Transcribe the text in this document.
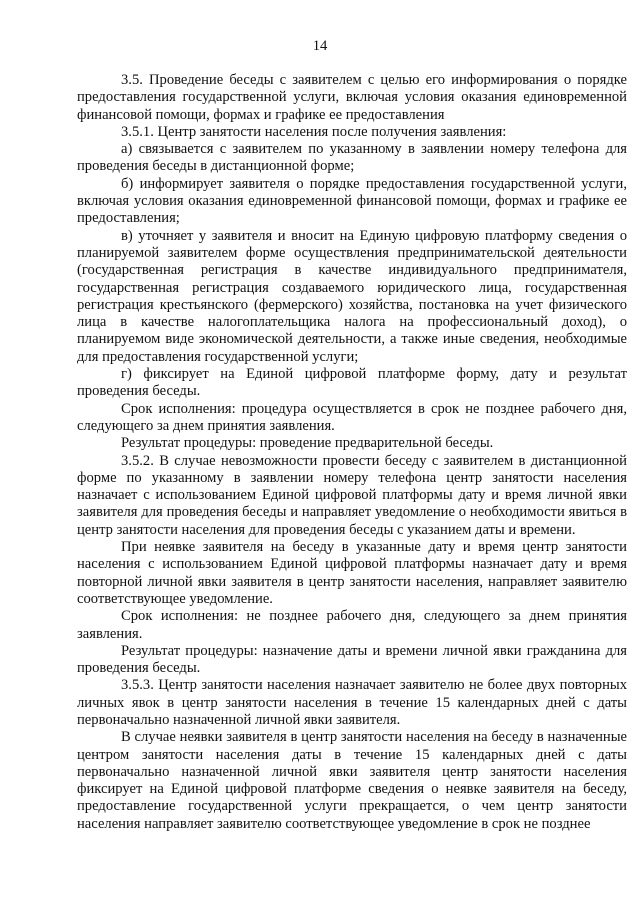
14

3.5. Проведение беседы с заявителем с целью его информирования о порядке предоставления государственной услуги, включая условия оказания единовременной финансовой помощи, формах и графике ее предоставления

3.5.1. Центр занятости населения после получения заявления:

а) связывается с заявителем по указанному в заявлении номеру телефона для проведения беседы в дистанционной форме;

б) информирует заявителя о порядке предоставления государственной услуги, включая условия оказания единовременной финансовой помощи, формах и графике ее предоставления;

в) уточняет у заявителя и вносит на Единую цифровую платформу сведения о планируемой заявителем форме осуществления предпринимательской деятельности (государственная регистрация в качестве индивидуального предпринимателя, государственная регистрация создаваемого юридического лица, государственная регистрация крестьянского (фермерского) хозяйства, постановка на учет физического лица в качестве налогоплательщика налога на профессиональный доход), о планируемом виде экономической деятельности, а также иные сведения, необходимые для предоставления государственной услуги;

г) фиксирует на Единой цифровой платформе форму, дату и результат проведения беседы.

Срок исполнения: процедура осуществляется в срок не позднее рабочего дня, следующего за днем принятия заявления.

Результат процедуры: проведение предварительной беседы.

3.5.2. В случае невозможности провести беседу с заявителем в дистанционной форме по указанному в заявлении номеру телефона центр занятости населения назначает с использованием Единой цифровой платформы дату и время личной явки заявителя для проведения беседы и направляет уведомление о необходимости явиться в центр занятости населения для проведения беседы с указанием даты и времени.

При неявке заявителя на беседу в указанные дату и время центр занятости населения с использованием Единой цифровой платформы назначает дату и время повторной личной явки заявителя в центр занятости населения, направляет заявителю соответствующее уведомление.

Срок исполнения: не позднее рабочего дня, следующего за днем принятия заявления.

Результат процедуры: назначение даты и времени личной явки гражданина для проведения беседы.

3.5.3. Центр занятости населения назначает заявителю не более двух повторных личных явок в центр занятости населения в течение 15 календарных дней с даты первоначально назначенной личной явки заявителя.

В случае неявки заявителя в центр занятости населения на беседу в назначенные центром занятости населения даты в течение 15 календарных дней с даты первоначально назначенной личной явки заявителя центр занятости населения фиксирует на Единой цифровой платформе сведения о неявке заявителя на беседу, предоставление государственной услуги прекращается, о чем центр занятости населения направляет заявителю соответствующее уведомление в срок не позднее
